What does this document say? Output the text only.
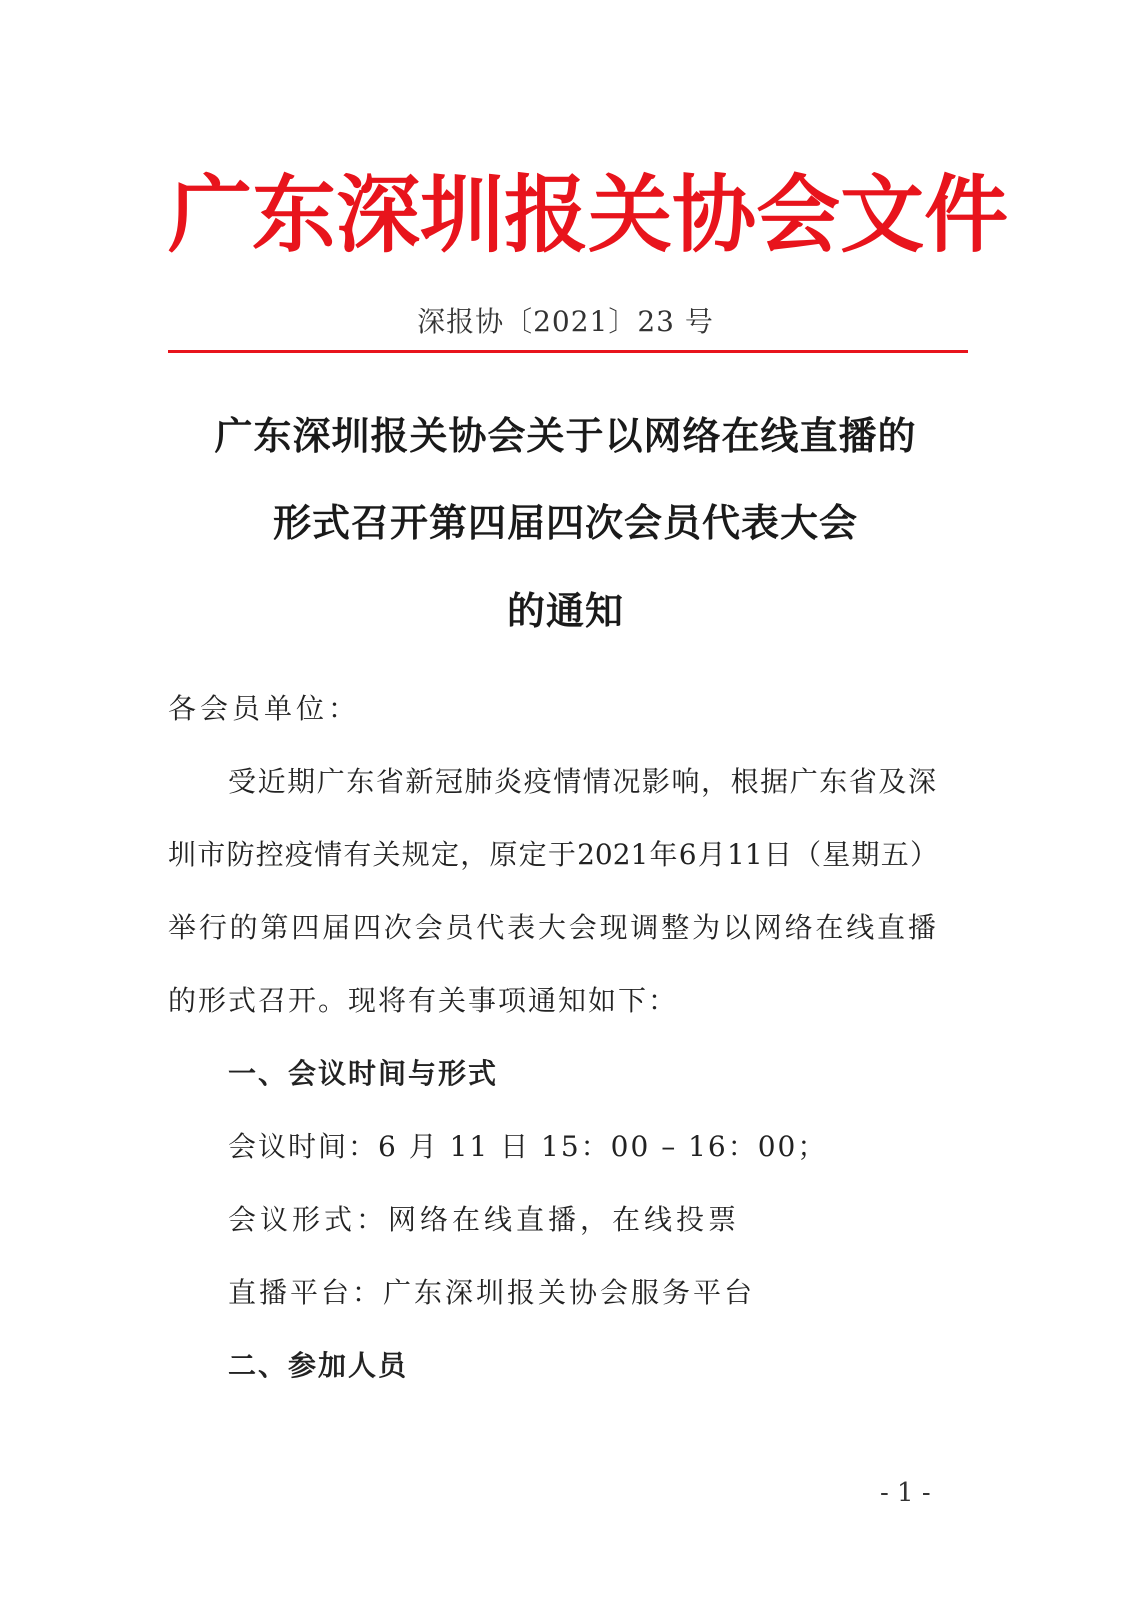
广 东 深 圳 报 关 协 会 文 件
深报协〔2021〕23 号
广东深圳报关协会关于以网络在线直播的
形式召开第四届四次会员代表大会
的通知
各会员单位：
受 近 期 广 东 省 新 冠 肺 炎 疫 情 情 况 影 响 ， 根 据 广 东 省 及 深
圳 市 防 控 疫 情 有 关 规 定 ， 原 定 于 2021 年 6 月 11 日 （ 星 期 五 ）
举 行 的 第 四 届 四 次 会 员 代 表 大 会 现 调 整 为 以 网 络 在 线 直 播
的形式召开。现将有关事项通知如下：
一、会议时间与形式
会议时间：6 月 11 日 15：00 – 16：00；
会议形式：网络在线直播，在线投票
直播平台：广东深圳报关协会服务平台
二、参加人员
- 1 -
